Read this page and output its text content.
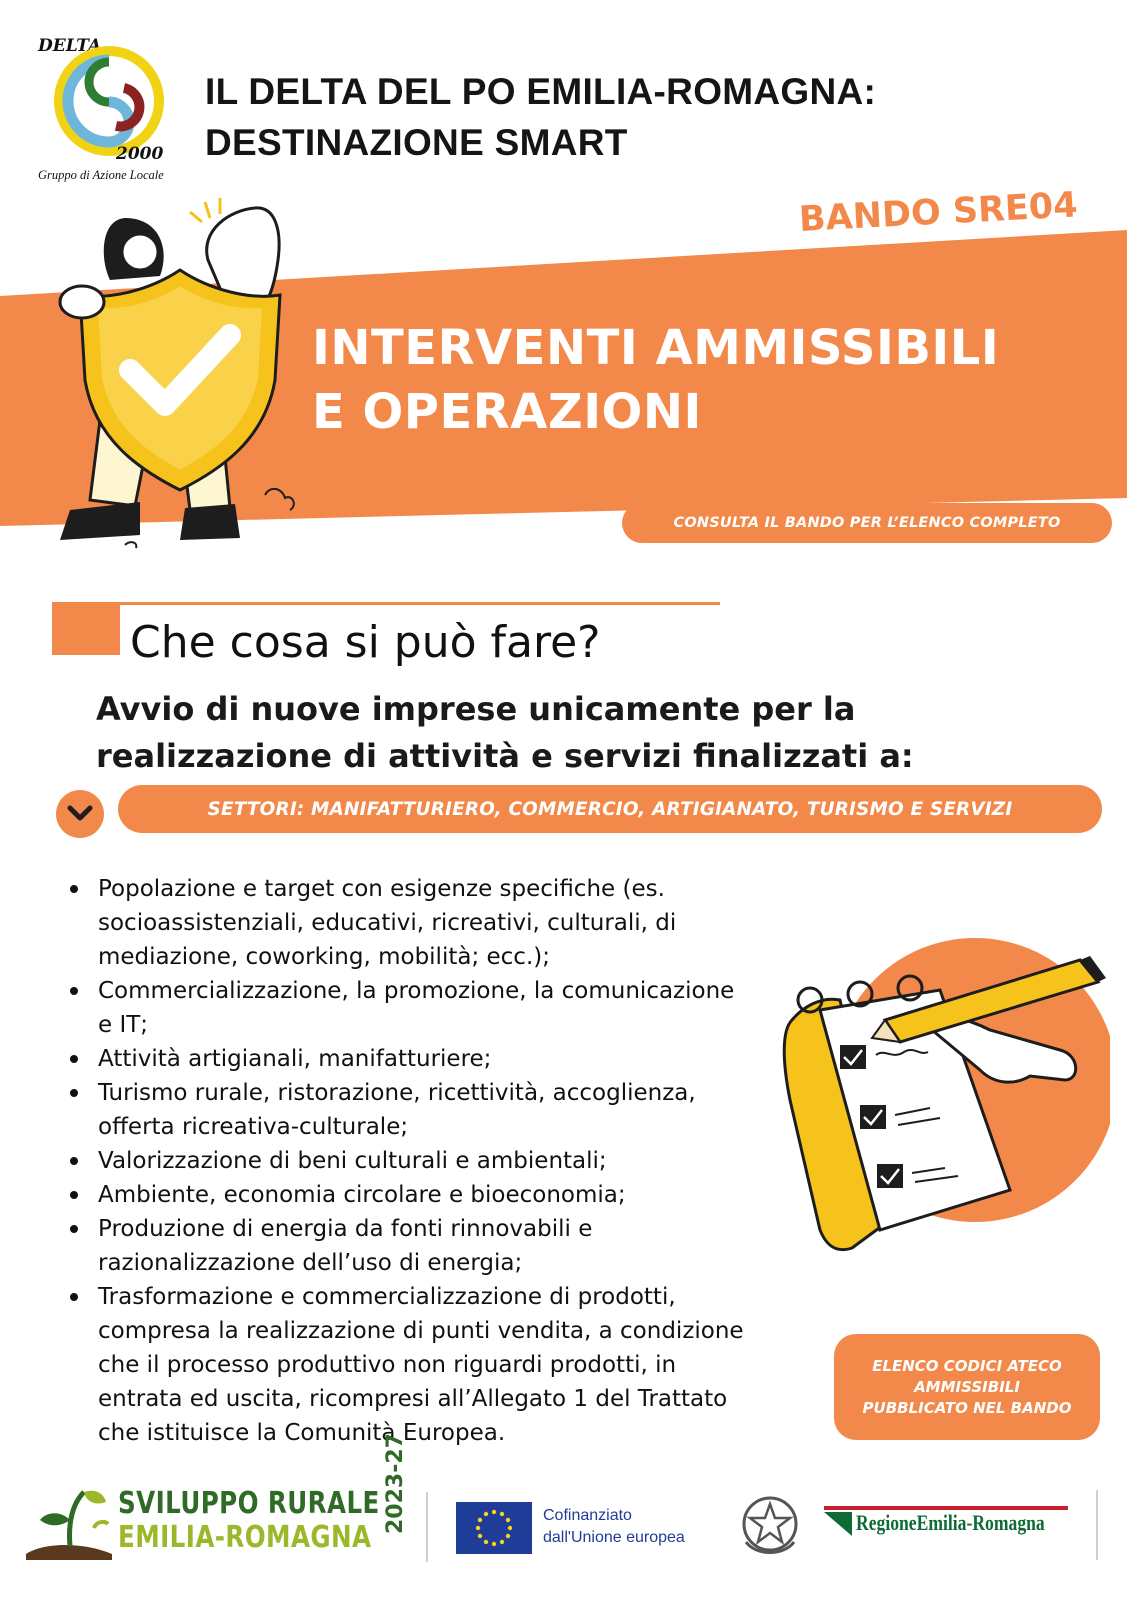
DELTA
2000
Gruppo di Azione Locale
IL DELTA DEL PO EMILIA-ROMAGNA:
DESTINAZIONE SMART
BANDO SRE04
INTERVENTI AMMISSIBILI
E OPERAZIONI
CONSULTA IL BANDO PER L’ELENCO COMPLETO
Che cosa si può fare?
Avvio di nuove imprese unicamente per la
realizzazione di attività e servizi finalizzati a:
SETTORI: MANIFATTURIERO, COMMERCIO, ARTIGIANATO, TURISMO E SERVIZI
Popolazione e target con esigenze specifiche (es.
socioassistenziali, educativi, ricreativi, culturali, di
mediazione, coworking, mobilità; ecc.);
Commercializzazione, la promozione, la comunicazione
e IT;
Attività artigianali, manifatturiere;
Turismo rurale, ristorazione, ricettività, accoglienza,
offerta ricreativa-culturale;
Valorizzazione di beni culturali e ambientali;
Ambiente, economia circolare e bioeconomia;
Produzione di energia da fonti rinnovabili e
razionalizzazione dell’uso di energia;
Trasformazione e commercializzazione di prodotti,
compresa la realizzazione di punti vendita, a condizione
che il processo produttivo non riguardi prodotti, in
entrata ed uscita, ricompresi all’Allegato 1 del Trattato
che istituisce la Comunità Europea.
ELENCO CODICI ATECO
AMMISSIBILI
PUBBLICATO NEL BANDO
SVILUPPO RURALE
EMILIA-ROMAGNA
2023-27	Cofinanziato
dall'Unione europea
RegioneEmilia-Romagna
